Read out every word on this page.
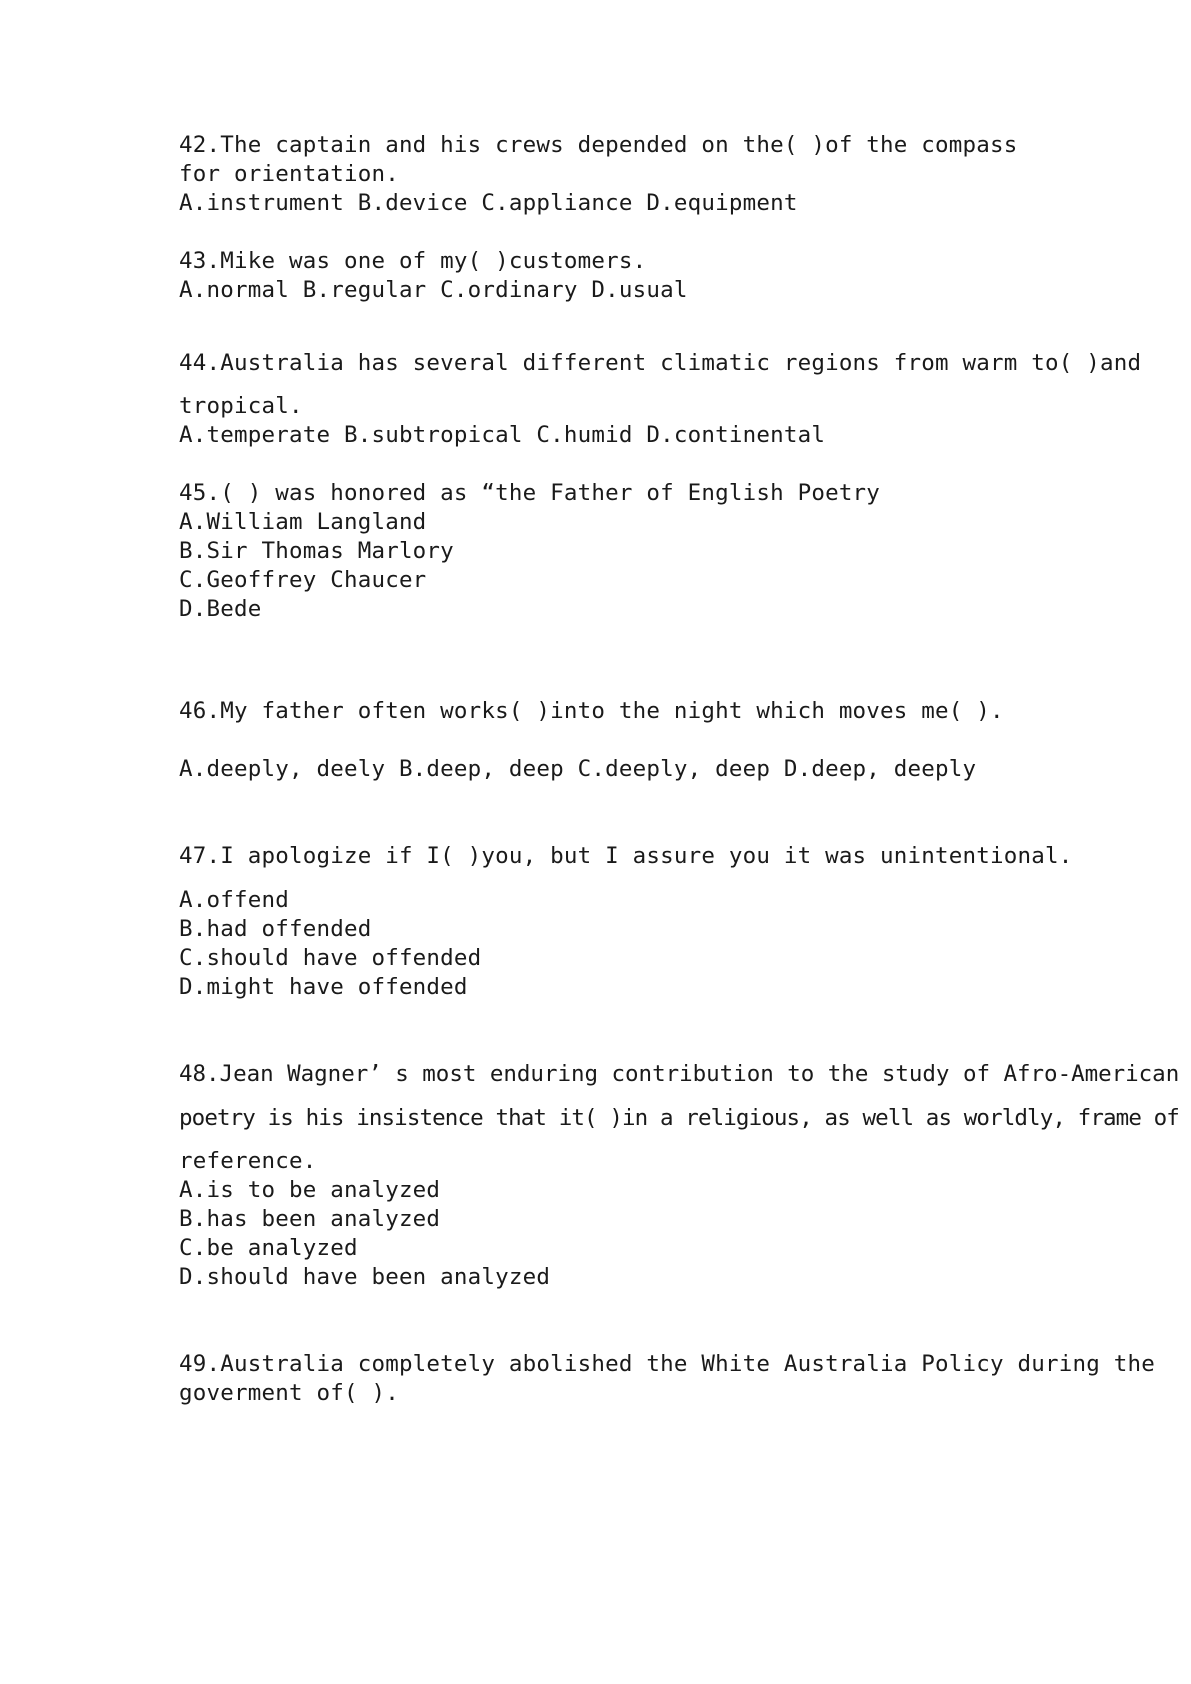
42.The captain and his crews depended on the( )of the compass
for orientation.
A.instrument B.device C.appliance D.equipment
43.Mike was one of my( )customers.
A.normal B.regular C.ordinary D.usual
44.Australia has several different climatic regions from warm to( )and
tropical.
A.temperate B.subtropical C.humid D.continental
45.( ) was honored as “the Father of English Poetry
A.William Langland
B.Sir Thomas Marlory
C.Geoffrey Chaucer
D.Bede
46.My father often works( )into the night which moves me( ).
A.deeply, deely B.deep, deep C.deeply, deep D.deep, deeply
47.I apologize if I( )you, but I assure you it was unintentional.
A.offend
B.had offended
C.should have offended
D.might have offended
48.Jean Wagner’ s most enduring contribution to the study of Afro-American
poetry is his insistence that it( )in a religious, as well as worldly, frame of
reference.
A.is to be analyzed
B.has been analyzed
C.be analyzed
D.should have been analyzed
49.Australia completely abolished the White Australia Policy during the
goverment of( ).
